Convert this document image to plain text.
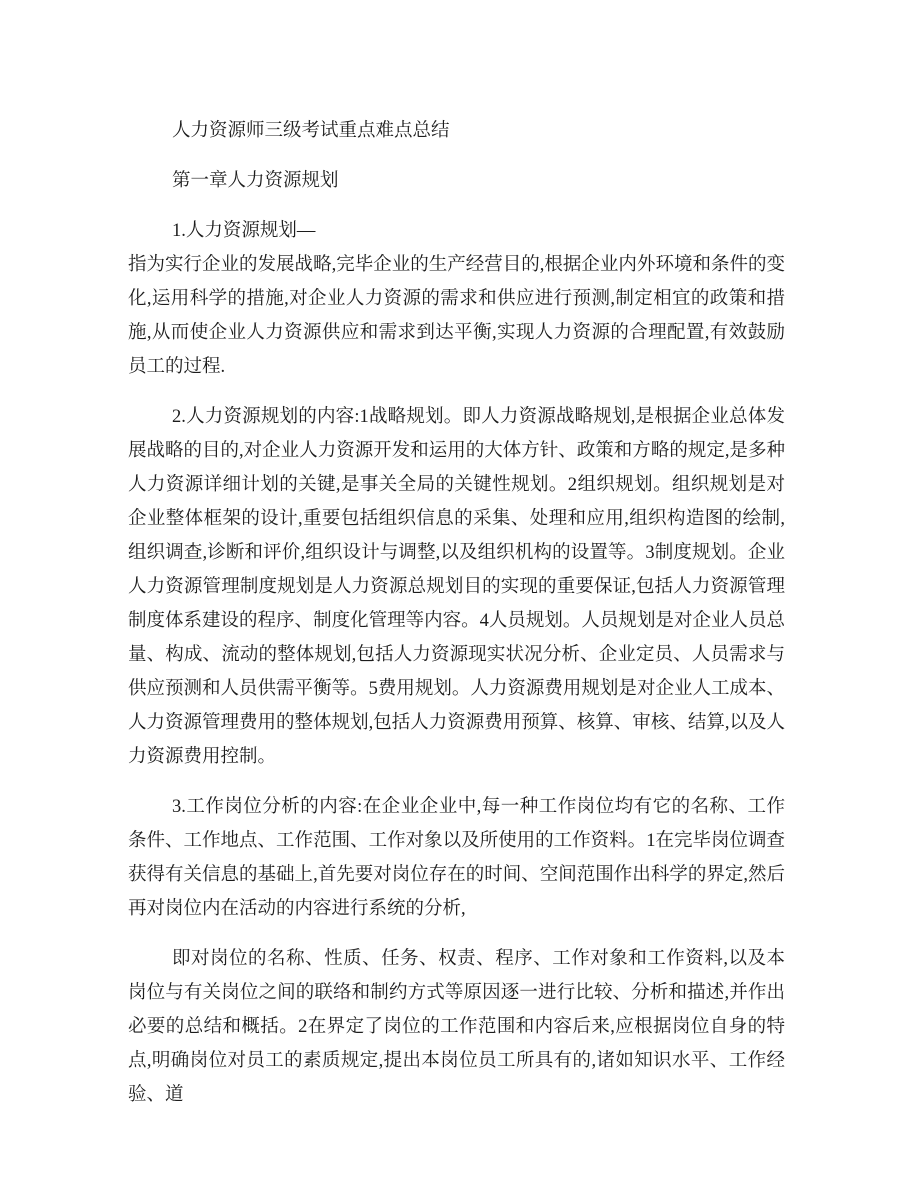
人力资源师三级考试重点难点总结

第一章人力资源规划

1.人力资源规划—
指为实行企业的发展战略,完毕企业的生产经营目的,根据企业内外环境和条件的变化,运用科学的措施,对企业人力资源的需求和供应进行预测,制定相宜的政策和措施,从而使企业人力资源供应和需求到达平衡,实现人力资源的合理配置,有效鼓励员工的过程.

2.人力资源规划的内容:1战略规划。即人力资源战略规划,是根据企业总体发展战略的目的,对企业人力资源开发和运用的大体方针、政策和方略的规定,是多种人力资源详细计划的关键,是事关全局的关键性规划。2组织规划。组织规划是对企业整体框架的设计,重要包括组织信息的采集、处理和应用,组织构造图的绘制,组织调查,诊断和评价,组织设计与调整,以及组织机构的设置等。3制度规划。企业人力资源管理制度规划是人力资源总规划目的实现的重要保证,包括人力资源管理制度体系建设的程序、制度化管理等内容。4人员规划。人员规划是对企业人员总量、构成、流动的整体规划,包括人力资源现实状况分析、企业定员、人员需求与供应预测和人员供需平衡等。5费用规划。人力资源费用规划是对企业人工成本、人力资源管理费用的整体规划,包括人力资源费用预算、核算、审核、结算,以及人力资源费用控制。

3.工作岗位分析的内容:在企业企业中,每一种工作岗位均有它的名称、工作条件、工作地点、工作范围、工作对象以及所使用的工作资料。1在完毕岗位调查获得有关信息的基础上,首先要对岗位存在的时间、空间范围作出科学的界定,然后再对岗位内在活动的内容进行系统的分析,

即对岗位的名称、性质、任务、权责、程序、工作对象和工作资料,以及本岗位与有关岗位之间的联络和制约方式等原因逐一进行比较、分析和描述,并作出必要的总结和概括。2在界定了岗位的工作范围和内容后来,应根据岗位自身的特点,明确岗位对员工的素质规定,提出本岗位员工所具有的,诸如知识水平、工作经验、道
